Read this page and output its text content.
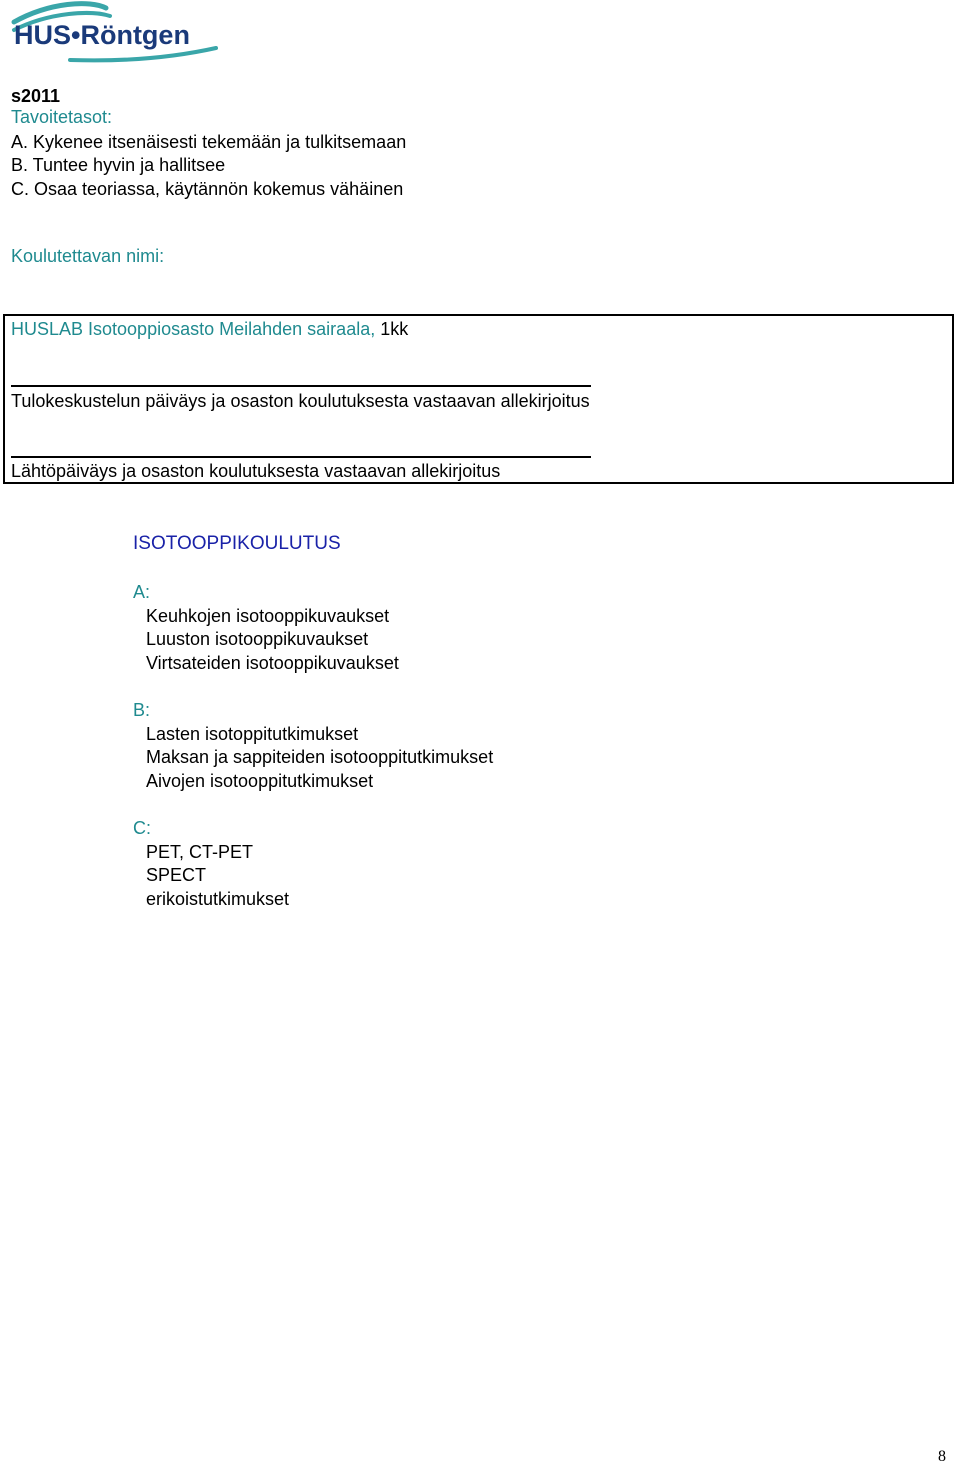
HUS•Röntgen
s2011
Tavoitetasot:
A. Kykenee itsenäisesti tekemään ja tulkitsemaan
B. Tuntee hyvin ja hallitsee
C. Osaa teoriassa, käytännön kokemus vähäinen
Koulutettavan nimi:
HUSLAB Isotooppiosasto Meilahden sairaala, 1kk
Tulokeskustelun päiväys ja osaston koulutuksesta vastaavan allekirjoitus
Lähtöpäiväys ja osaston koulutuksesta vastaavan allekirjoitus
ISOTOOPPIKOULUTUS
A:
Keuhkojen isotooppikuvaukset
Luuston isotooppikuvaukset
Virtsateiden isotooppikuvaukset
B:
Lasten isotoppitutkimukset
Maksan ja sappiteiden isotooppitutkimukset
Aivojen isotooppitutkimukset
C:
PET, CT-PET
SPECT
erikoistutkimukset
8
